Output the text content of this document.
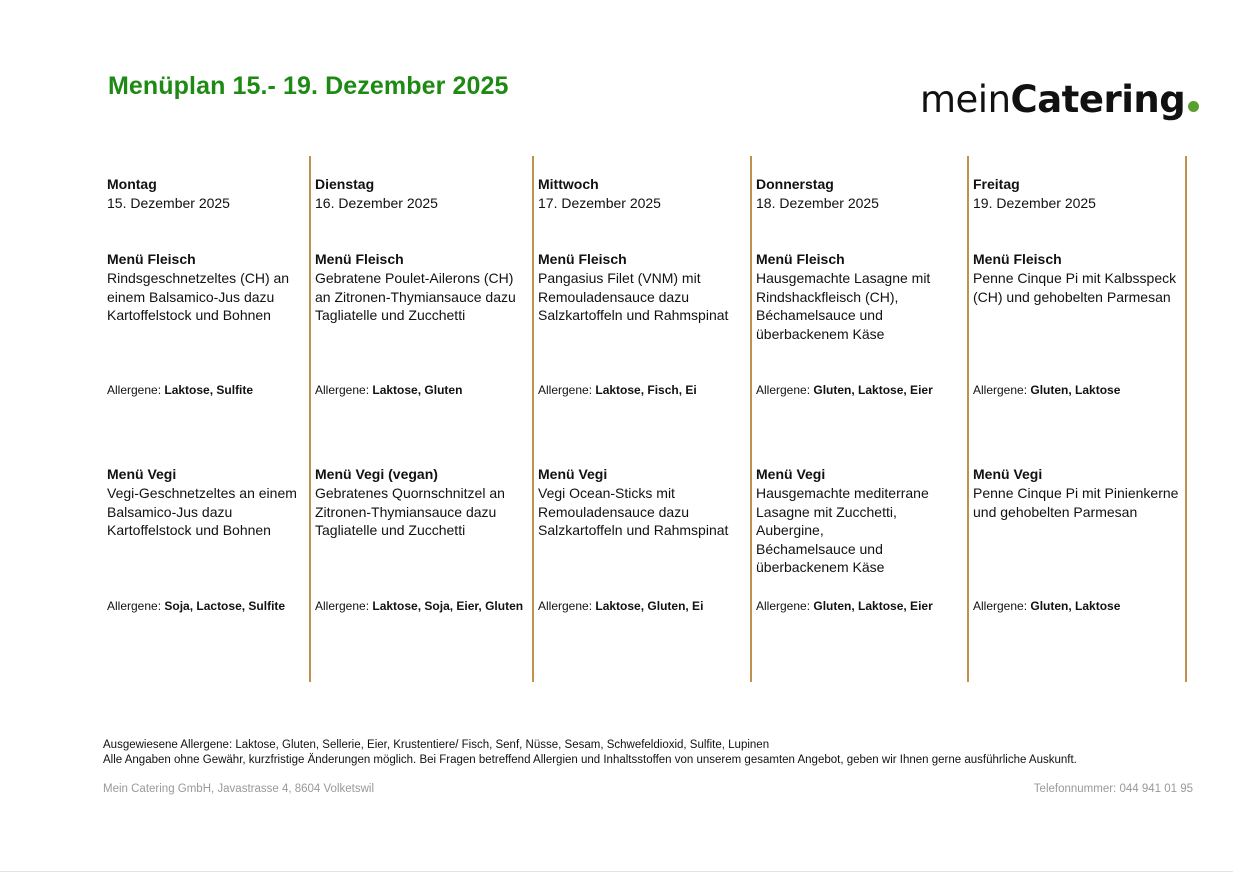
Menüplan 15.- 19. Dezember 2025	meinCatering
Montag
15. Dezember 2025
Menü Fleisch
Rindsgeschnetzeltes (CH) an
einem Balsamico-Jus dazu
Kartoffelstock und Bohnen
Allergene: Laktose, Sulfite
Menü Vegi
Vegi-Geschnetzeltes an einem
Balsamico-Jus dazu
Kartoffelstock und Bohnen
Allergene: Soja, Lactose, Sulfite
Dienstag
16. Dezember 2025
Menü Fleisch
Gebratene Poulet-Ailerons (CH)
an Zitronen-Thymiansauce dazu
Tagliatelle und Zucchetti
Allergene: Laktose, Gluten
Menü Vegi (vegan)
Gebratenes Quornschnitzel an
Zitronen-Thymiansauce dazu
Tagliatelle und Zucchetti
Allergene: Laktose, Soja, Eier, Gluten
Mittwoch
17. Dezember 2025
Menü Fleisch
Pangasius Filet (VNM) mit
Remouladensauce dazu
Salzkartoffeln und Rahmspinat
Allergene: Laktose, Fisch, Ei
Menü Vegi
Vegi Ocean-Sticks mit
Remouladensauce dazu
Salzkartoffeln und Rahmspinat
Allergene: Laktose, Gluten, Ei
Donnerstag
18. Dezember 2025
Menü Fleisch
Hausgemachte Lasagne mit
Rindshackfleisch (CH),
Béchamelsauce und
überbackenem Käse
Allergene: Gluten, Laktose, Eier
Menü Vegi
Hausgemachte mediterrane
Lasagne mit Zucchetti,
Aubergine,
Béchamelsauce und
überbackenem Käse
Allergene: Gluten, Laktose, Eier
Freitag
19. Dezember 2025
Menü Fleisch
Penne Cinque Pi mit Kalbsspeck
(CH) und gehobelten Parmesan
Allergene: Gluten, Laktose
Menü Vegi
Penne Cinque Pi mit Pinienkerne
und gehobelten Parmesan
Allergene: Gluten, Laktose
Ausgewiesene Allergene: Laktose, Gluten, Sellerie, Eier, Krustentiere/ Fisch, Senf, Nüsse, Sesam, Schwefeldioxid, Sulfite, Lupinen
Alle Angaben ohne Gewähr, kurzfristige Änderungen möglich. Bei Fragen betreffend Allergien und Inhaltsstoffen von unserem gesamten Angebot, geben wir Ihnen gerne ausführliche Auskunft.
Mein Catering GmbH, Javastrasse 4, 8604 Volketswil	Telefonnummer: 044 941 01 95
